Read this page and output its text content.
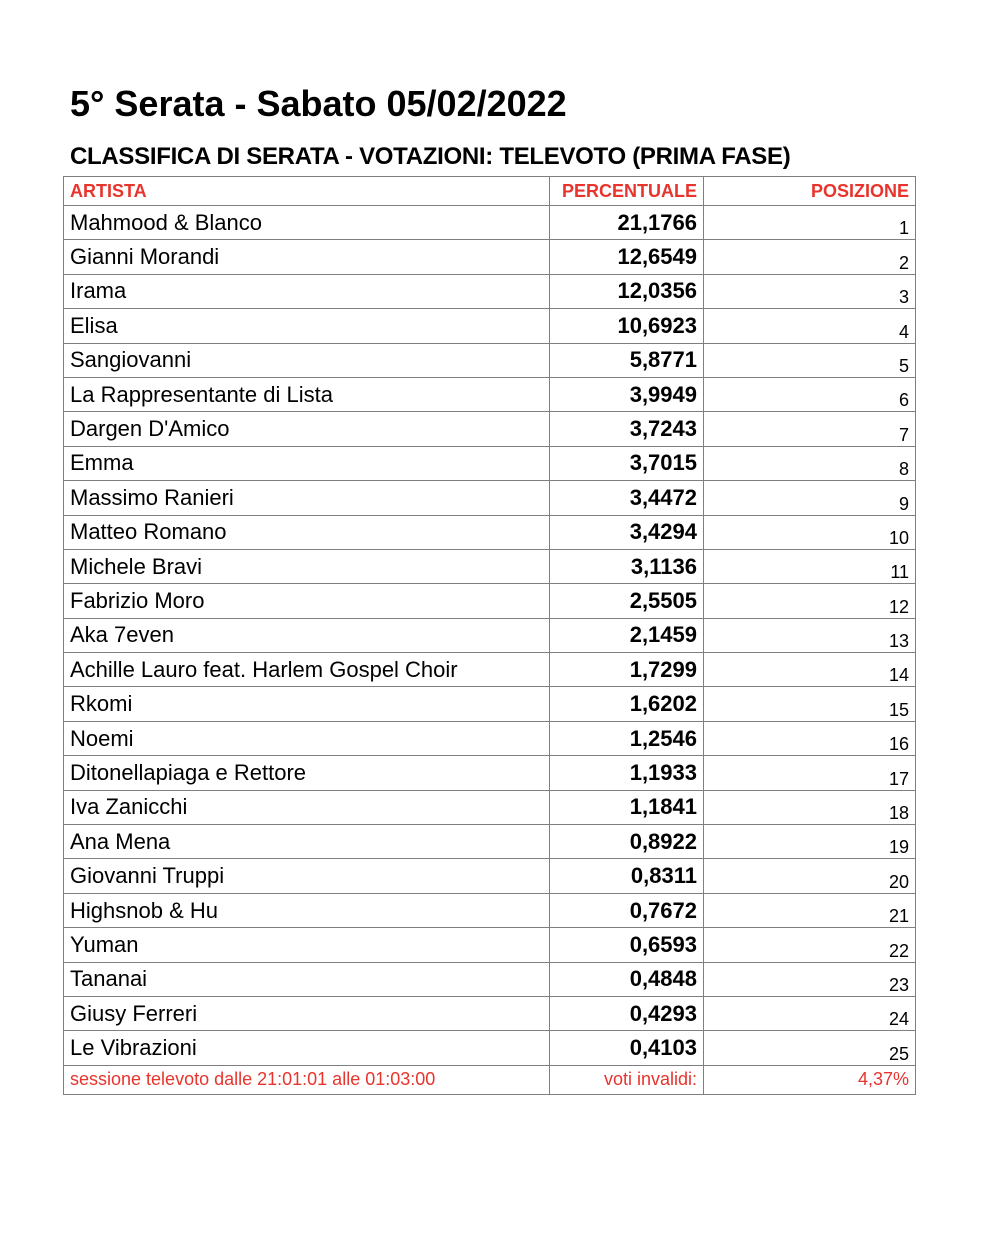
5° Serata - Sabato 05/02/2022
CLASSIFICA DI SERATA - VOTAZIONI: TELEVOTO (PRIMA FASE)
ARTISTA	PERCENTUALE	POSIZIONE
Mahmood & Blanco	21,1766	1
Gianni Morandi	12,6549	2
Irama	12,0356	3
Elisa	10,6923	4
Sangiovanni	5,8771	5
La Rappresentante di Lista	3,9949	6
Dargen D'Amico	3,7243	7
Emma	3,7015	8
Massimo Ranieri	3,4472	9
Matteo Romano	3,4294	10
Michele Bravi	3,1136	11
Fabrizio Moro	2,5505	12
Aka 7even	2,1459	13
Achille Lauro feat. Harlem Gospel Choir	1,7299	14
Rkomi	1,6202	15
Noemi	1,2546	16
Ditonellapiaga e Rettore	1,1933	17
Iva Zanicchi	1,1841	18
Ana Mena	0,8922	19
Giovanni Truppi	0,8311	20
Highsnob & Hu	0,7672	21
Yuman	0,6593	22
Tananai	0,4848	23
Giusy Ferreri	0,4293	24
Le Vibrazioni	0,4103	25
sessione televoto dalle 21:01:01 alle 01:03:00	voti invalidi:	4,37%
